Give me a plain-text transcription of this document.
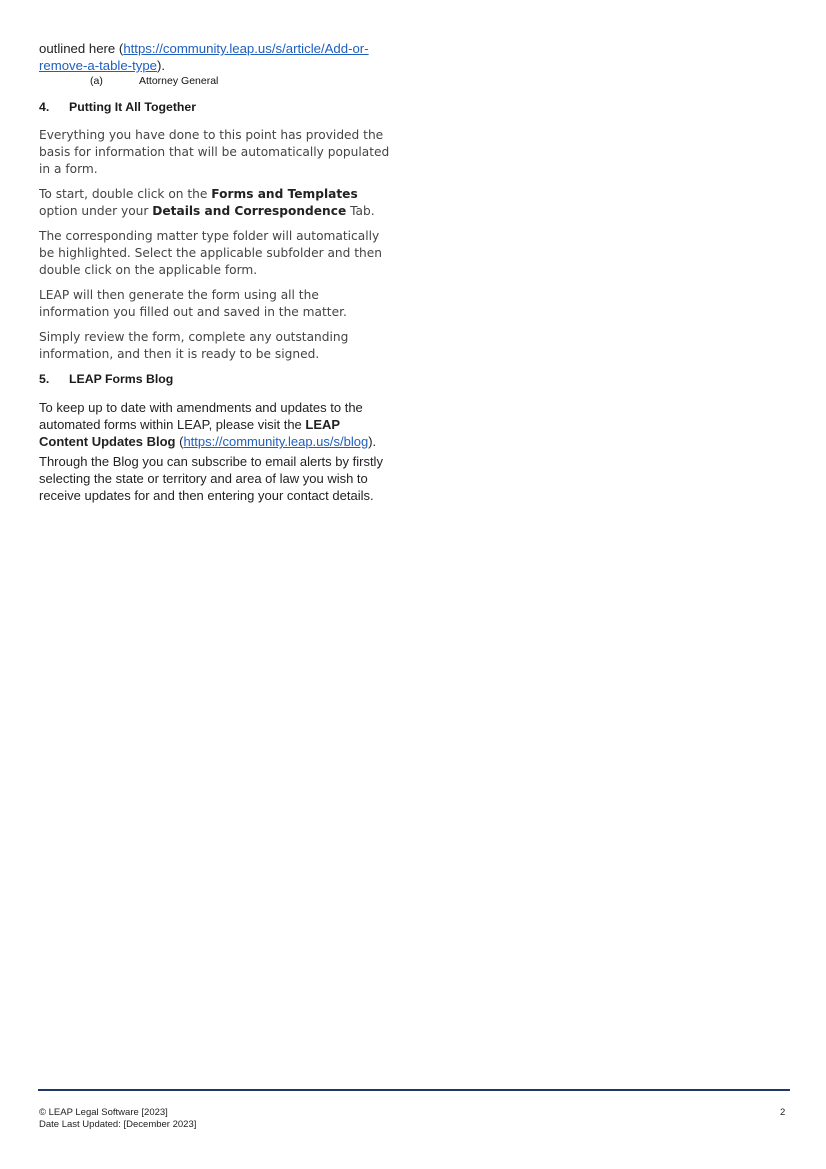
outlined here (https://community.leap.us/s/article/Add-or-remove-a-table-type).

(a)	Attorney General
4. Putting It All Together

Everything you have done to this point has provided the basis for information that will be automatically populated in a form.

To start, double click on the Forms and Templates option under your Details and Correspondence Tab.

The corresponding matter type folder will automatically be highlighted. Select the applicable subfolder and then double click on the applicable form.

LEAP will then generate the form using all the information you filled out and saved in the matter.

Simply review the form, complete any outstanding information, and then it is ready to be signed.

5. LEAP Forms Blog

To keep up to date with amendments and updates to the automated forms within LEAP, please visit the LEAP Content Updates Blog (https://community.leap.us/s/blog).

Through the Blog you can subscribe to email alerts by firstly selecting the state or territory and area of law you wish to receive updates for and then entering your contact details.

© LEAP Legal Software [2023]
Date Last Updated: [December 2023]
2
